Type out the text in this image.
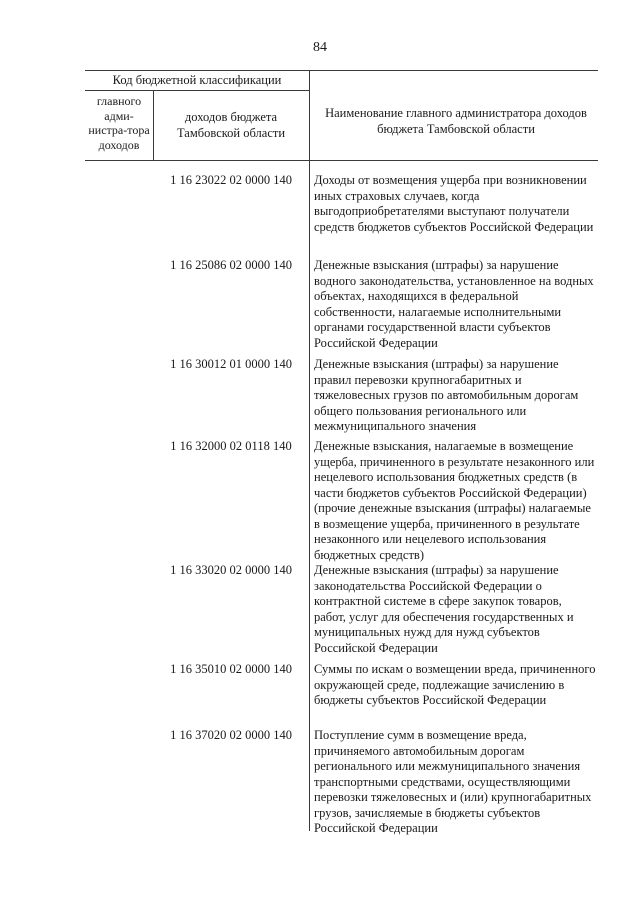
84
Код бюджетной классификации
главного адми-нистра-тора доходов
доходов бюджета Тамбовской области
Наименование главного администратора доходов бюджета Тамбовской области
1 16 23022 02 0000 140	Доходы от возмещения ущерба при возникновении иных страховых случаев, когда выгодоприобретателями выступают получатели средств бюджетов субъектов Российской Федерации
1 16 25086 02 0000 140	Денежные взыскания (штрафы) за нарушение водного законодательства, установленное на водных объектах, находящихся в федеральной собственности, налагаемые исполнительными органами государственной власти субъектов Российской Федерации
1 16 30012 01 0000 140	Денежные взыскания (штрафы) за нарушение правил перевозки крупногабаритных и тяжеловесных грузов по автомобильным дорогам общего пользования регионального или межмуниципального значения
1 16 32000 02 0118 140	Денежные взыскания, налагаемые в возмещение ущерба, причиненного в результате незаконного или нецелевого использования бюджетных средств (в части бюджетов субъектов Российской Федерации) (прочие денежные взыскания (штрафы) налагаемые в возмещение ущерба, причиненного в результате незаконного или нецелевого использования бюджетных средств)
1 16 33020 02 0000 140	Денежные взыскания (штрафы) за нарушение законодательства Российской Федерации о контрактной системе в сфере закупок товаров, работ, услуг для обеспечения государственных и муниципальных нужд для нужд субъектов Российской Федерации
1 16 35010 02 0000 140	Суммы по искам о возмещении вреда, причиненного окружающей среде, подлежащие зачислению в бюджеты субъектов Российской Федерации
1 16 37020 02 0000 140	Поступление сумм в возмещение вреда, причиняемого автомобильным дорогам регионального или межмуниципального значения транспортными средствами, осуществляющими перевозки тяжеловесных и (или) крупногабаритных грузов, зачисляемые в бюджеты субъектов Российской Федерации
